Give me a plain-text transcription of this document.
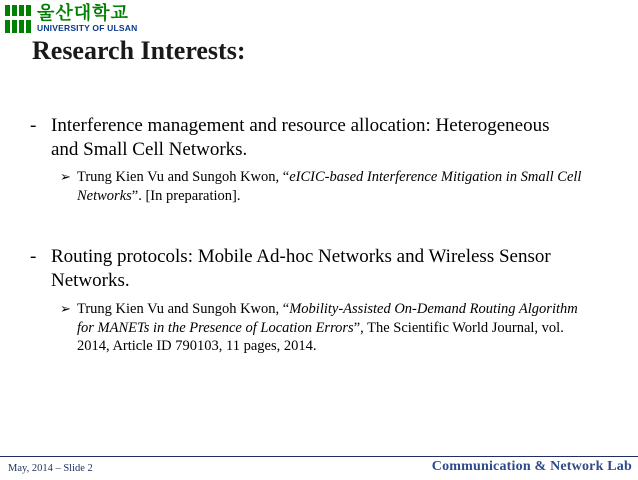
울산대학교
UNIVERSITY OF ULSAN
Research Interests:
- Interference management and resource allocation: Heterogeneous
and Small Cell Networks.
➢ Trung Kien Vu and Sungoh Kwon, “eICIC-based Interference Mitigation in Small Cell
Networks”. [In preparation].
- Routing protocols: Mobile Ad-hoc Networks and Wireless Sensor
Networks.
➢ Trung Kien Vu and Sungoh Kwon, “Mobility-Assisted On-Demand Routing Algorithm
for MANETs in the Presence of Location Errors”, The Scientific World Journal, vol.
2014, Article ID 790103, 11 pages, 2014.
May, 2014 – Slide 2	Communication & Network Lab
